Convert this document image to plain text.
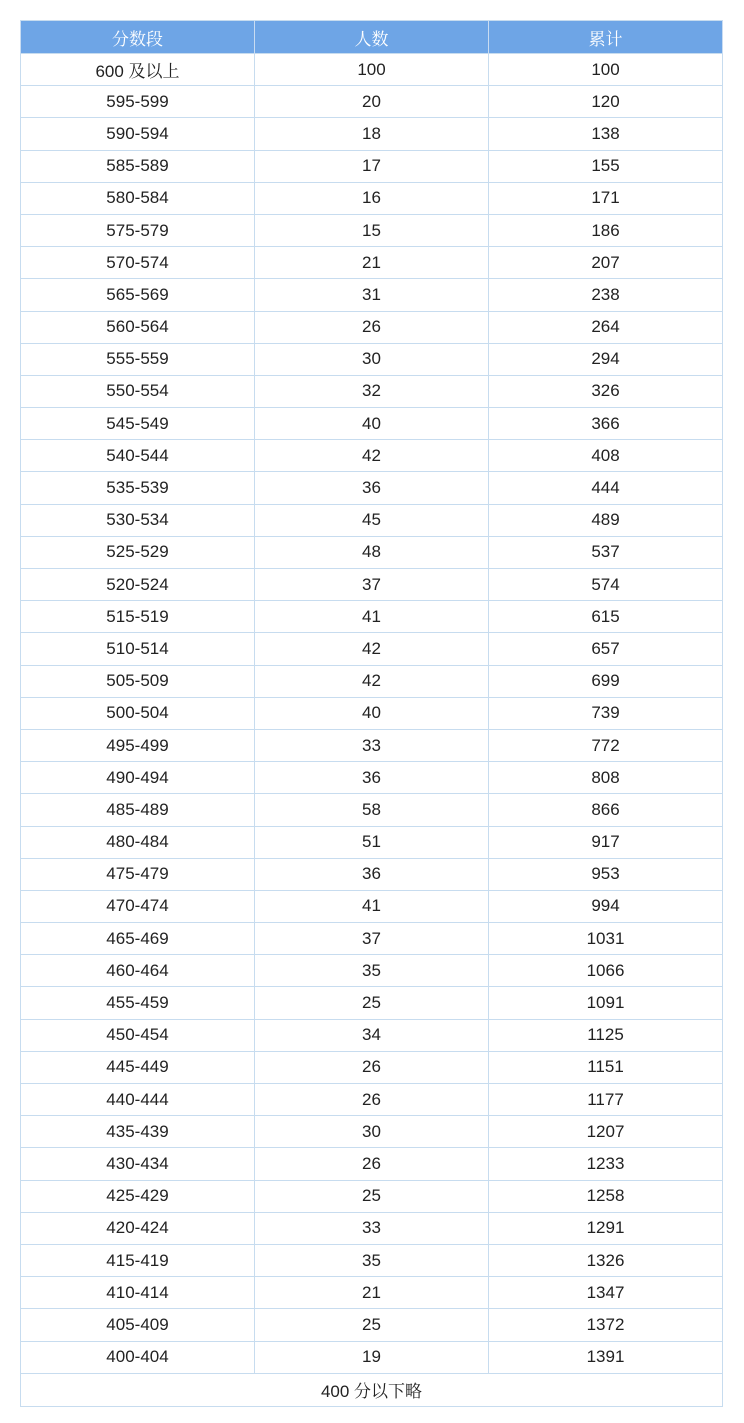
分数段	人数	累计
600 及以上	100	100
595-599	20	120
590-594	18	138
585-589	17	155
580-584	16	171
575-579	15	186
570-574	21	207
565-569	31	238
560-564	26	264
555-559	30	294
550-554	32	326
545-549	40	366
540-544	42	408
535-539	36	444
530-534	45	489
525-529	48	537
520-524	37	574
515-519	41	615
510-514	42	657
505-509	42	699
500-504	40	739
495-499	33	772
490-494	36	808
485-489	58	866
480-484	51	917
475-479	36	953
470-474	41	994
465-469	37	1031
460-464	35	1066
455-459	25	1091
450-454	34	1125
445-449	26	1151
440-444	26	1177
435-439	30	1207
430-434	26	1233
425-429	25	1258
420-424	33	1291
415-419	35	1326
410-414	21	1347
405-409	25	1372
400-404	19	1391
400 分以下略		
